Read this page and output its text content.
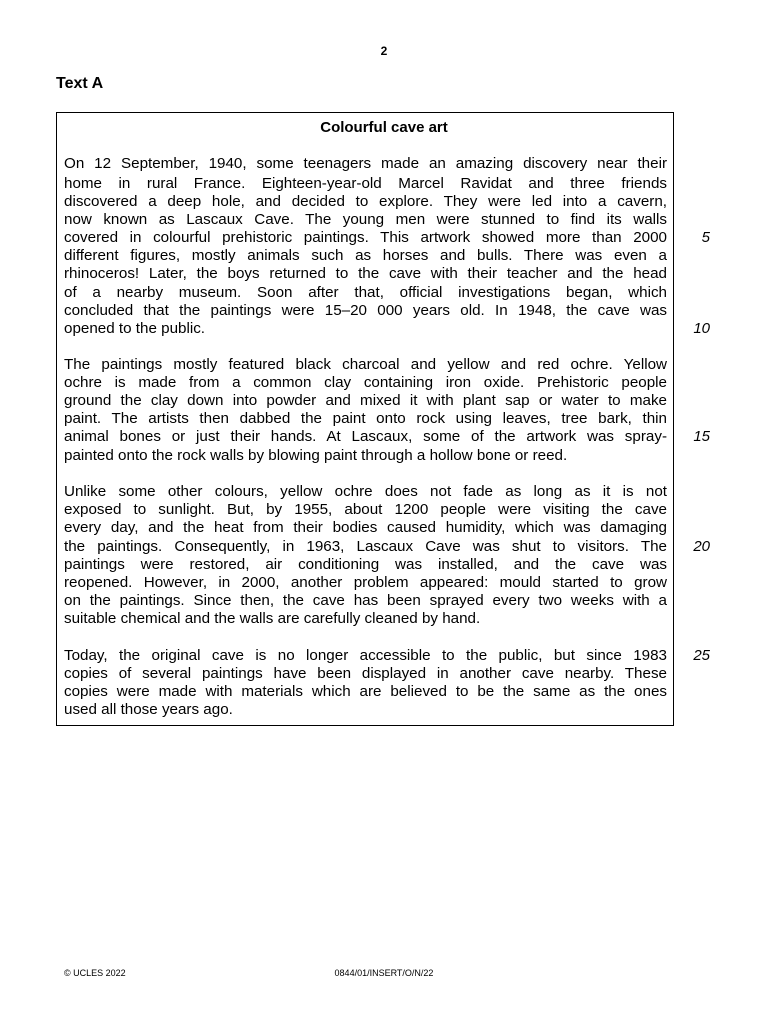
2
Text A
Colourful cave art
On 12 September, 1940, some teenagers made an amazing discovery near their
home in rural France. Eighteen-year-old Marcel Ravidat and three friends
discovered a deep hole, and decided to explore. They were led into a cavern,
now known as Lascaux Cave. The young men were stunned to find its walls
covered in colourful prehistoric paintings. This artwork showed more than 2000
different figures, mostly animals such as horses and bulls. There was even a
rhinoceros! Later, the boys returned to the cave with their teacher and the head
of a nearby museum. Soon after that, official investigations began, which
concluded that the paintings were 15–20 000 years old. In 1948, the cave was
opened to the public.
The paintings mostly featured black charcoal and yellow and red ochre. Yellow
ochre is made from a common clay containing iron oxide. Prehistoric people
ground the clay down into powder and mixed it with plant sap or water to make
paint. The artists then dabbed the paint onto rock using leaves, tree bark, thin
animal bones or just their hands. At Lascaux, some of the artwork was spray-
painted onto the rock walls by blowing paint through a hollow bone or reed.
Unlike some other colours, yellow ochre does not fade as long as it is not
exposed to sunlight. But, by 1955, about 1200 people were visiting the cave
every day, and the heat from their bodies caused humidity, which was damaging
the paintings. Consequently, in 1963, Lascaux Cave was shut to visitors. The
paintings were restored, air conditioning was installed, and the cave was
reopened. However, in 2000, another problem appeared: mould started to grow
on the paintings. Since then, the cave has been sprayed every two weeks with a
suitable chemical and the walls are carefully cleaned by hand.
Today, the original cave is no longer accessible to the public, but since 1983
copies of several paintings have been displayed in another cave nearby. These
copies were made with materials which are believed to be the same as the ones
used all those years ago.
5
10
15
20
25
© UCLES 2022	0844/01/INSERT/O/N/22
